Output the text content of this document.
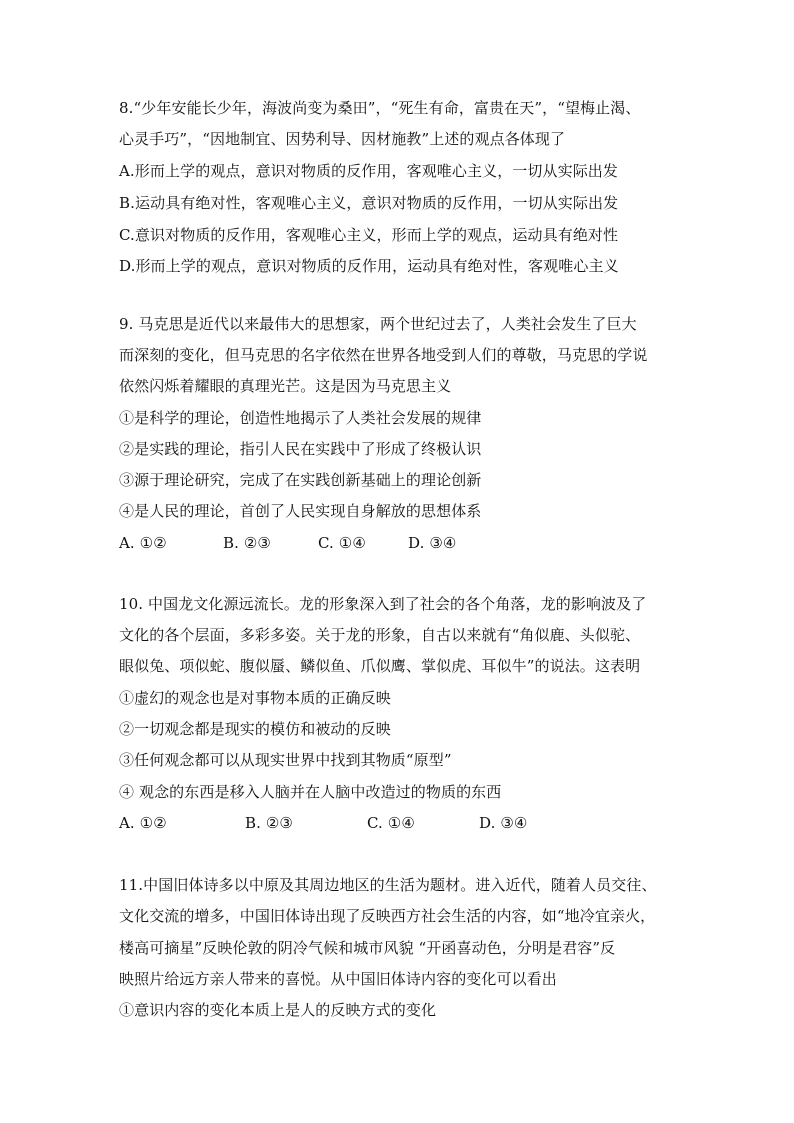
8.“少年安能长少年，海波尚变为桑田”，“死生有命，富贵在天”，“望梅止渴、
心灵手巧”，“因地制宜、因势利导、因材施教”上述的观点各体现了
A.形而上学的观点，意识对物质的反作用，客观唯心主义，一切从实际出发
B.运动具有绝对性，客观唯心主义，意识对物质的反作用，一切从实际出发
C.意识对物质的反作用，客观唯心主义，形而上学的观点，运动具有绝对性
D.形而上学的观点，意识对物质的反作用，运动具有绝对性，客观唯心主义
9. 马克思是近代以来最伟大的思想家，两个世纪过去了，人类社会发生了巨大
而深刻的变化，但马克思的名字依然在世界各地受到人们的尊敬，马克思的学说
依然闪烁着耀眼的真理光芒。这是因为马克思主义
①是科学的理论，创造性地揭示了人类社会发展的规律
②是实践的理论，指引人民在实践中了形成了终极认识
③源于理论研究，完成了在实践创新基础上的理论创新
④是人民的理论，首创了人民实现自身解放的思想体系
A. ①②	B. ②③	C. ①④	D. ③④
10. 中国龙文化源远流长。龙的形象深入到了社会的各个角落，龙的影响波及了
文化的各个层面，多彩多姿。关于龙的形象，自古以来就有“角似鹿、头似驼、
眼似兔、项似蛇、腹似蜃、鳞似鱼、爪似鹰、掌似虎、耳似牛”的说法。这表明
①虚幻的观念也是对事物本质的正确反映
②一切观念都是现实的模仿和被动的反映
③任何观念都可以从现实世界中找到其物质“原型”
④ 观念的东西是移入人脑并在人脑中改造过的物质的东西
A. ①②	B. ②③	C. ①④	D. ③④
11.中国旧体诗多以中原及其周边地区的生活为题材。进入近代，随着人员交往、
文化交流的增多，中国旧体诗出现了反映西方社会生活的内容，如“地冷宜亲火，
楼高可摘星”反映伦敦的阴冷气候和城市风貌 “开函喜动色，分明是君容”反
映照片给远方亲人带来的喜悦。从中国旧体诗内容的变化可以看出
①意识内容的变化本质上是人的反映方式的变化
